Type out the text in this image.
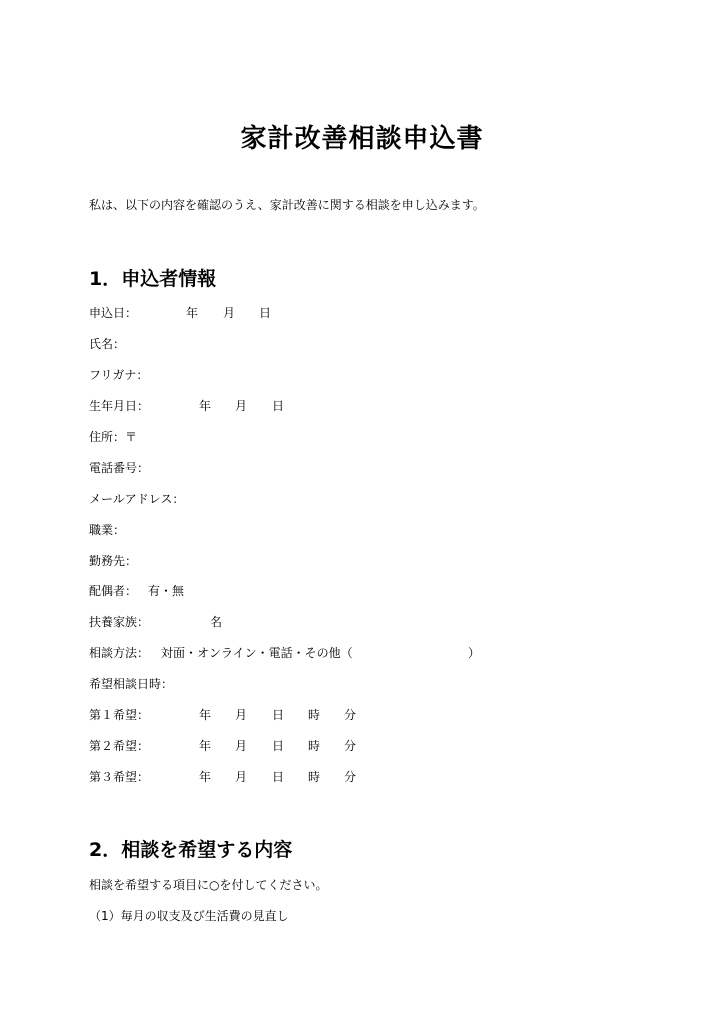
家計改善相談申込書
私は、以下の内容を確認のうえ、家計改善に関する相談を申し込みます。
1．申込者情報
申込日：	年 月 日
氏名：
フリガナ：
生年月日：	年 月 日
住所：〒
電話番号：
メールアドレス：
職業：
勤務先：
配偶者： 有・無
扶養家族：	名
相談方法： 対面・オンライン・電話・その他（	）
希望相談日時：
第１希望：	年 月 日 時 分
第２希望：	年 月 日 時 分
第３希望：	年 月 日 時 分
2．相談を希望する内容
相談を希望する項目に○を付してください。
（1）毎月の収支及び生活費の見直し
